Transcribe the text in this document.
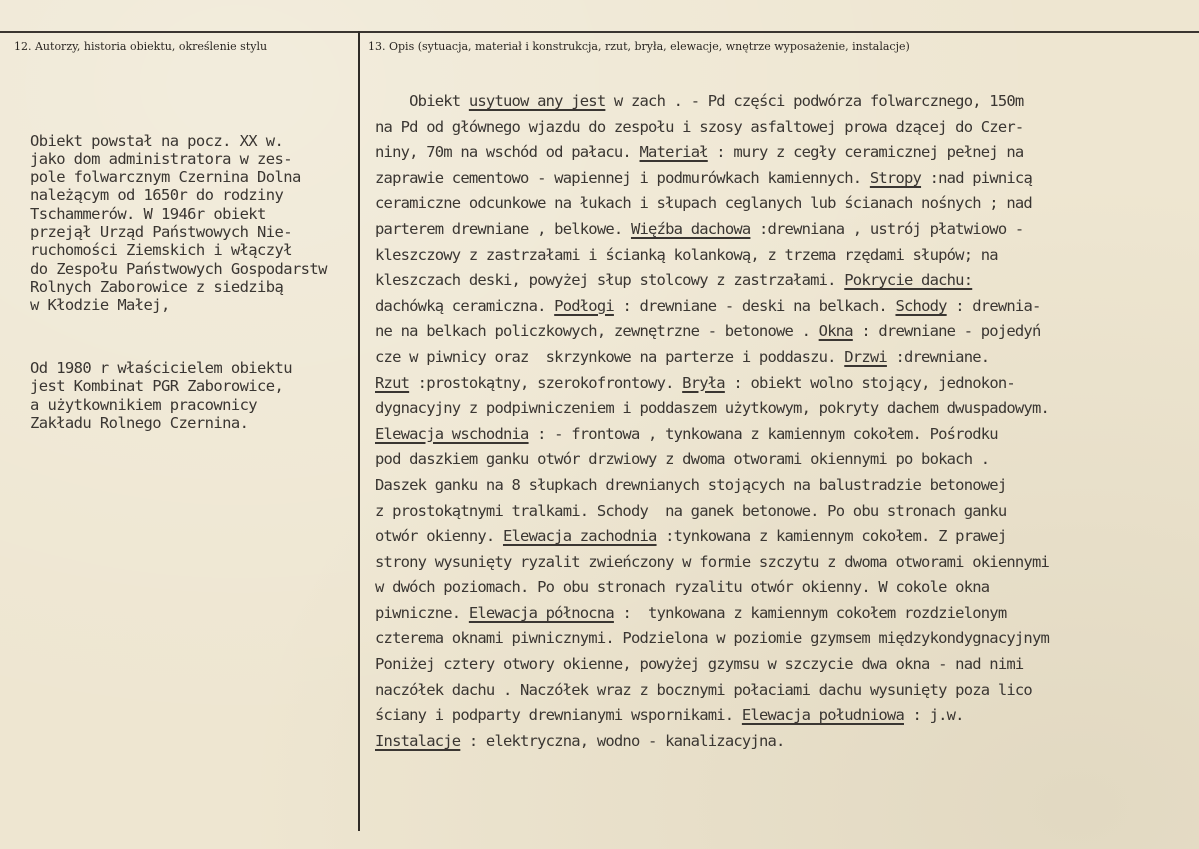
12. Autorzy, historia obiektu, określenie stylu	13. Opis (sytuacja, materiał i konstrukcja, rzut, bryła, elewacje, wnętrze wyposażenie, instalacje)

Obiekt powstał na pocz. XX w.
jako dom administratora w zes-
pole folwarcznym Czernina Dolna
należącym od 1650r do rodziny
Tschammerów. W 1946r obiekt
przejął Urząd Państwowych Nie-
ruchomości Ziemskich i włączył
do Zespołu Państwowych Gospodarstw
Rolnych Zaborowice z siedzibą
w Kłodzie Małej,

Od 1980 r właścicielem obiektu
jest Kombinat PGR Zaborowice,
a użytkownikiem pracownicy
Zakładu Rolnego Czernina.

Obiekt usytuow any jest w zach . - Pd części podwórza folwarcznego, 150m
na Pd od głównego wjazdu do zespołu i szosy asfaltowej prowa dzącej do Czer-
niny, 70m na wschód od pałacu. Materiał : mury z cegły ceramicznej pełnej na
zaprawie cementowo - wapiennej i podmurówkach kamiennych. Stropy :nad piwnicą
ceramiczne odcunkowe na łukach i słupach ceglanych lub ścianach nośnych ; nad
parterem drewniane , belkowe. Więźba dachowa :drewniana , ustrój płatwiowo -
kleszczowy z zastrzałami i ścianką kolankową, z trzema rzędami słupów; na
kleszczach deski, powyżej słup stolcowy z zastrzałami. Pokrycie dachu:
dachówką ceramiczna. Podłogi : drewniane - deski na belkach. Schody : drewnia-
ne na belkach policzkowych, zewnętrzne - betonowe . Okna : drewniane - pojedyń
cze w piwnicy oraz  skrzynkowe na parterze i poddaszu. Drzwi :drewniane.
Rzut :prostokątny, szerokofrontowy. Bryła : obiekt wolno stojący, jednokon-
dygnacyjny z podpiwniczeniem i poddaszem użytkowym, pokryty dachem dwuspadowym.
Elewacja wschodnia : - frontowa , tynkowana z kamiennym cokołem. Pośrodku
pod daszkiem ganku otwór drzwiowy z dwoma otworami okiennymi po bokach .
Daszek ganku na 8 słupkach drewnianych stojących na balustradzie betonowej
z prostokątnymi tralkami. Schody  na ganek betonowe. Po obu stronach ganku
otwór okienny. Elewacja zachodnia :tynkowana z kamiennym cokołem. Z prawej
strony wysunięty ryzalit zwieńczony w formie szczytu z dwoma otworami okiennymi
w dwóch poziomach. Po obu stronach ryzalitu otwór okienny. W cokole okna
piwniczne. Elewacja północna :  tynkowana z kamiennym cokołem rozdzielonym
czterema oknami piwnicznymi. Podzielona w poziomie gzymsem międzykondygnacyjnym
Poniżej cztery otwory okienne, powyżej gzymsu w szczycie dwa okna - nad nimi
naczółek dachu . Naczółek wraz z bocznymi połaciami dachu wysunięty poza lico
ściany i podparty drewnianymi wspornikami. Elewacja południowa : j.w.
Instalacje : elektryczna, wodno - kanalizacyjna.
